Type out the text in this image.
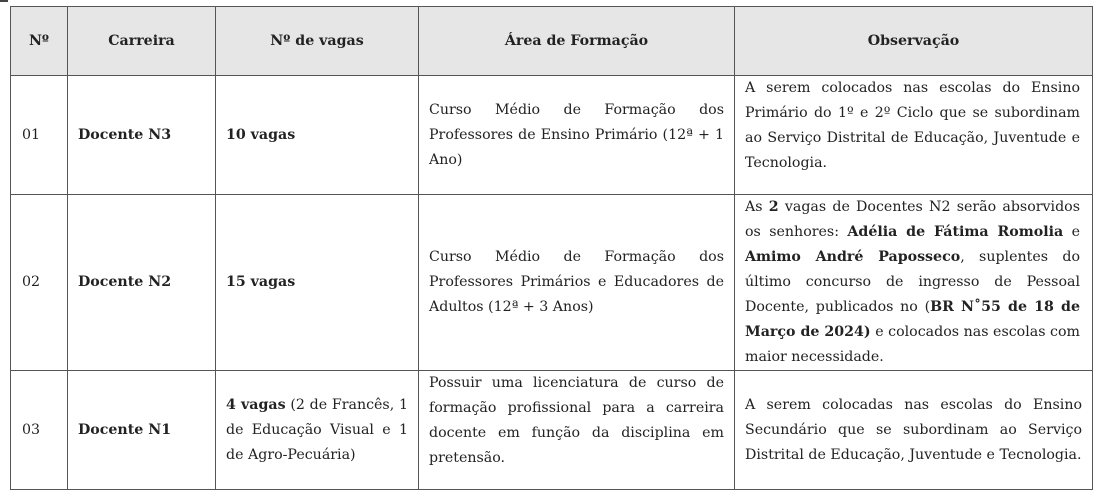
Nº	Carreira	Nº de vagas	Área de Formação	Observação
01	Docente N3	10 vagas	Curso Médio de Formação dos Professores de Ensino Primário (12ª + 1 Ano)	A serem colocados nas escolas do Ensino Primário do 1º e 2º Ciclo que se subordinam ao Serviço Distrital de Educação, Juventude e Tecnologia.
02	Docente N2	15 vagas	Curso Médio de Formação dos Professores Primários e Educadores de Adultos (12ª + 3 Anos)	As 2 vagas de Docentes N2 serão absorvidos os senhores: Adélia de Fátima Romolia e Amimo André Paposseco, suplentes do último concurso de ingresso de Pessoal Docente, publicados no (BR N˚55 de 18 de Março de 2024) e colocados nas escolas com maior necessidade.
03	Docente N1	4 vagas (2 de Francês, 1 de Educação Visual e 1 de Agro-Pecuária)	Possuir uma licenciatura de curso de formação profissional para a carreira docente em função da disciplina em pretensão.	A serem colocadas nas escolas do Ensino Secundário que se subordinam ao Serviço Distrital de Educação, Juventude e Tecnologia.
